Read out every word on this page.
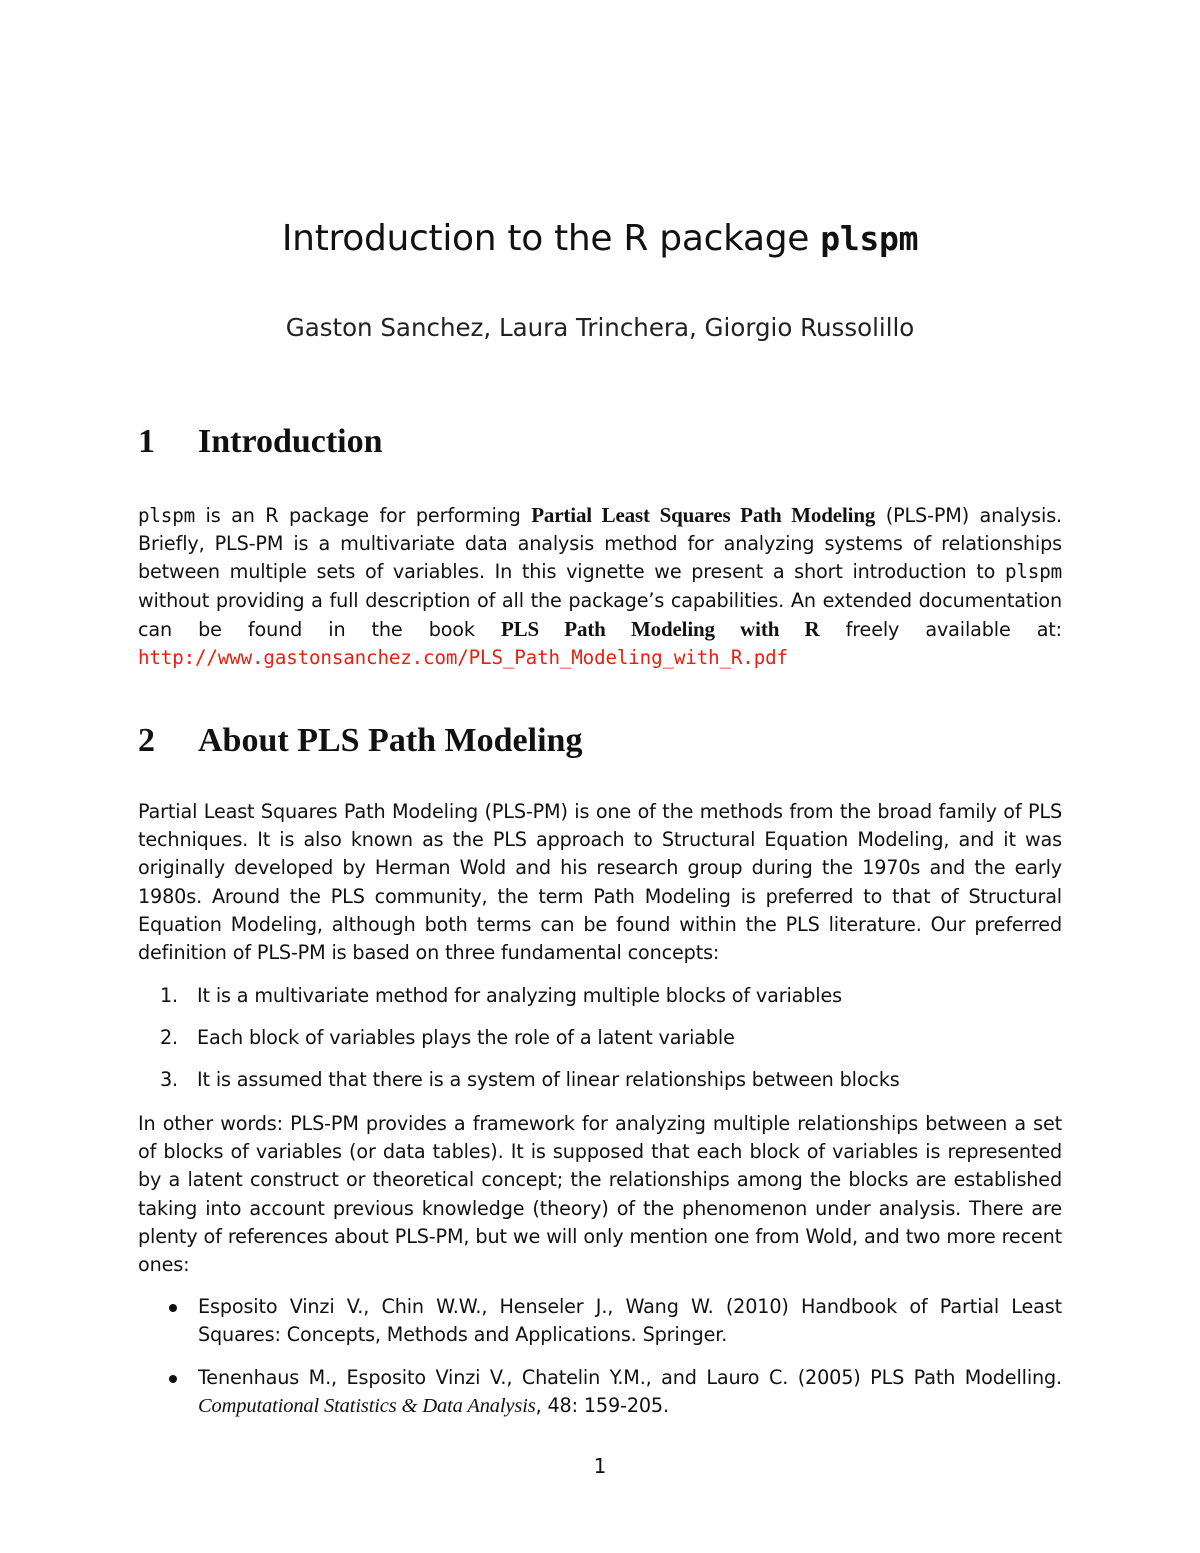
Introduction to the R package plspm
Gaston Sanchez, Laura Trinchera, Giorgio Russolillo
1 Introduction

plspm is an R package for performing Partial Least Squares Path Modeling (PLS-PM) analysis. Briefly, PLS-PM is a multivariate data analysis method for analyzing systems of relationships between multiple sets of variables. In this vignette we present a short introduction to plspm without providing a full description of all the package’s capabilities. An extended documentation can be found in the book PLS Path Modeling with R freely available at: http://www.gastonsanchez.com/PLS_Path_Modeling_with_R.pdf

2 About PLS Path Modeling

Partial Least Squares Path Modeling (PLS-PM) is one of the methods from the broad family of PLS techniques. It is also known as the PLS approach to Structural Equation Modeling, and it was originally developed by Herman Wold and his research group during the 1970s and the early 1980s. Around the PLS community, the term Path Modeling is preferred to that of Structural Equation Modeling, although both terms can be found within the PLS literature. Our preferred definition of PLS-PM is based on three fundamental concepts:

1. It is a multivariate method for analyzing multiple blocks of variables
2. Each block of variables plays the role of a latent variable
3. It is assumed that there is a system of linear relationships between blocks

In other words: PLS-PM provides a framework for analyzing multiple relationships between a set of blocks of variables (or data tables). It is supposed that each block of variables is represented by a latent construct or theoretical concept; the relationships among the blocks are established taking into account previous knowledge (theory) of the phenomenon under analysis. There are plenty of references about PLS-PM, but we will only mention one from Wold, and two more recent ones:

Esposito Vinzi V., Chin W.W., Henseler J., Wang W. (2010) Handbook of Partial Least Squares: Concepts, Methods and Applications. Springer.
Tenenhaus M., Esposito Vinzi V., Chatelin Y.M., and Lauro C. (2005) PLS Path Modelling. Computational Statistics & Data Analysis, 48: 159-205.
1
